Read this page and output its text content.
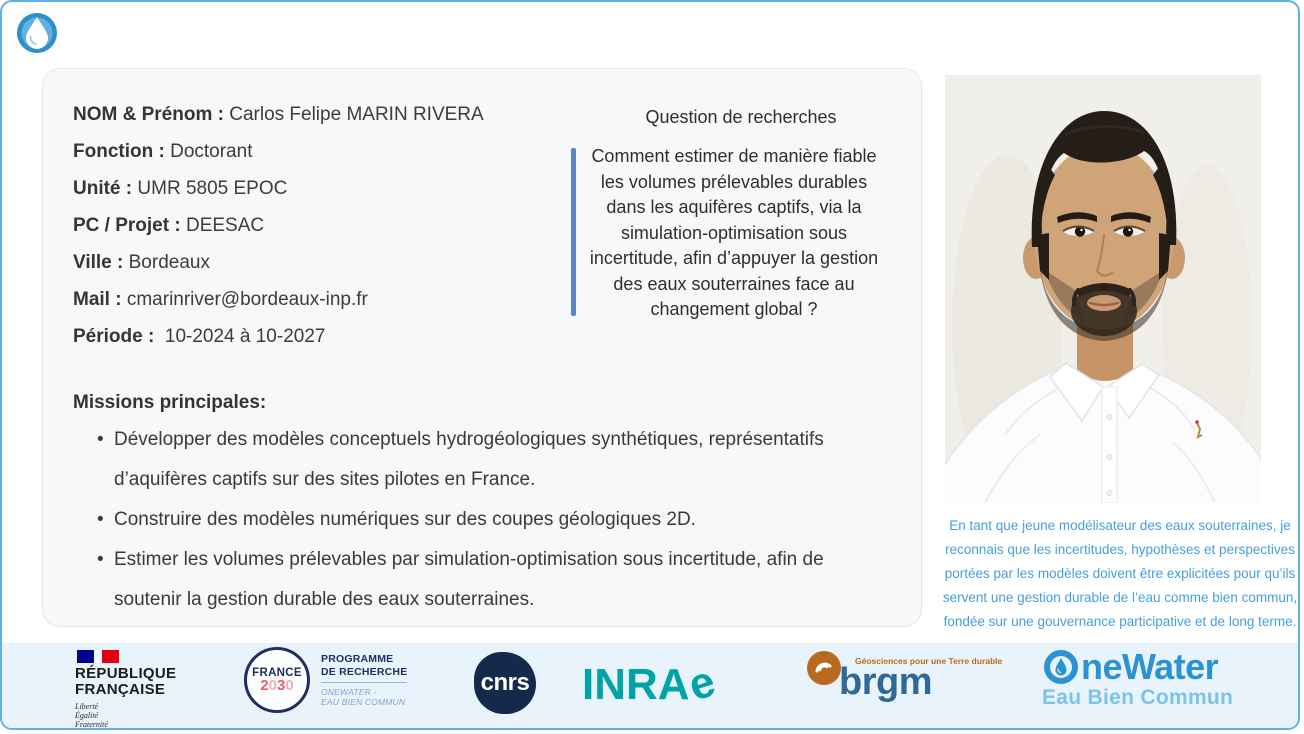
NOM & Prénom : Carlos Felipe MARIN RIVERA
Fonction : Doctorant
Unité : UMR 5805 EPOC
PC / Projet : DEESAC
Ville : Bordeaux
Mail : cmarinriver@bordeaux-inp.fr
Période : 10-2024 à 10-2027
Question de recherches
Comment estimer de manière fiable les volumes prélevables durables dans les aquifères captifs, via la simulation-optimisation sous incertitude, afin d’appuyer la gestion des eaux souterraines face au changement global ?
Missions principales:
• Développer des modèles conceptuels hydrogéologiques synthétiques, représentatifs d’aquifères captifs sur des sites pilotes en France.
• Construire des modèles numériques sur des coupes géologiques 2D.
• Estimer les volumes prélevables par simulation-optimisation sous incertitude, afin de soutenir la gestion durable des eaux souterraines.
En tant que jeune modélisateur des eaux souterraines, je
reconnais que les incertitudes, hypothèses et perspectives
portées par les modèles doivent être explicitées pour qu’ils
servent une gestion durable de l’eau comme bien commun,
fondée sur une gouvernance participative et de long terme.
RÉPUBLIQUE
FRANÇAISE
Liberté
Égalité
Fraternité
FRANCE
2030
PROGRAMME
DE RECHERCHE
ONEWATER -
EAU BIEN COMMUN
cnrs INRAe	Géosciences pour une Terre durable
brgm	neWater
Eau Bien Commun
